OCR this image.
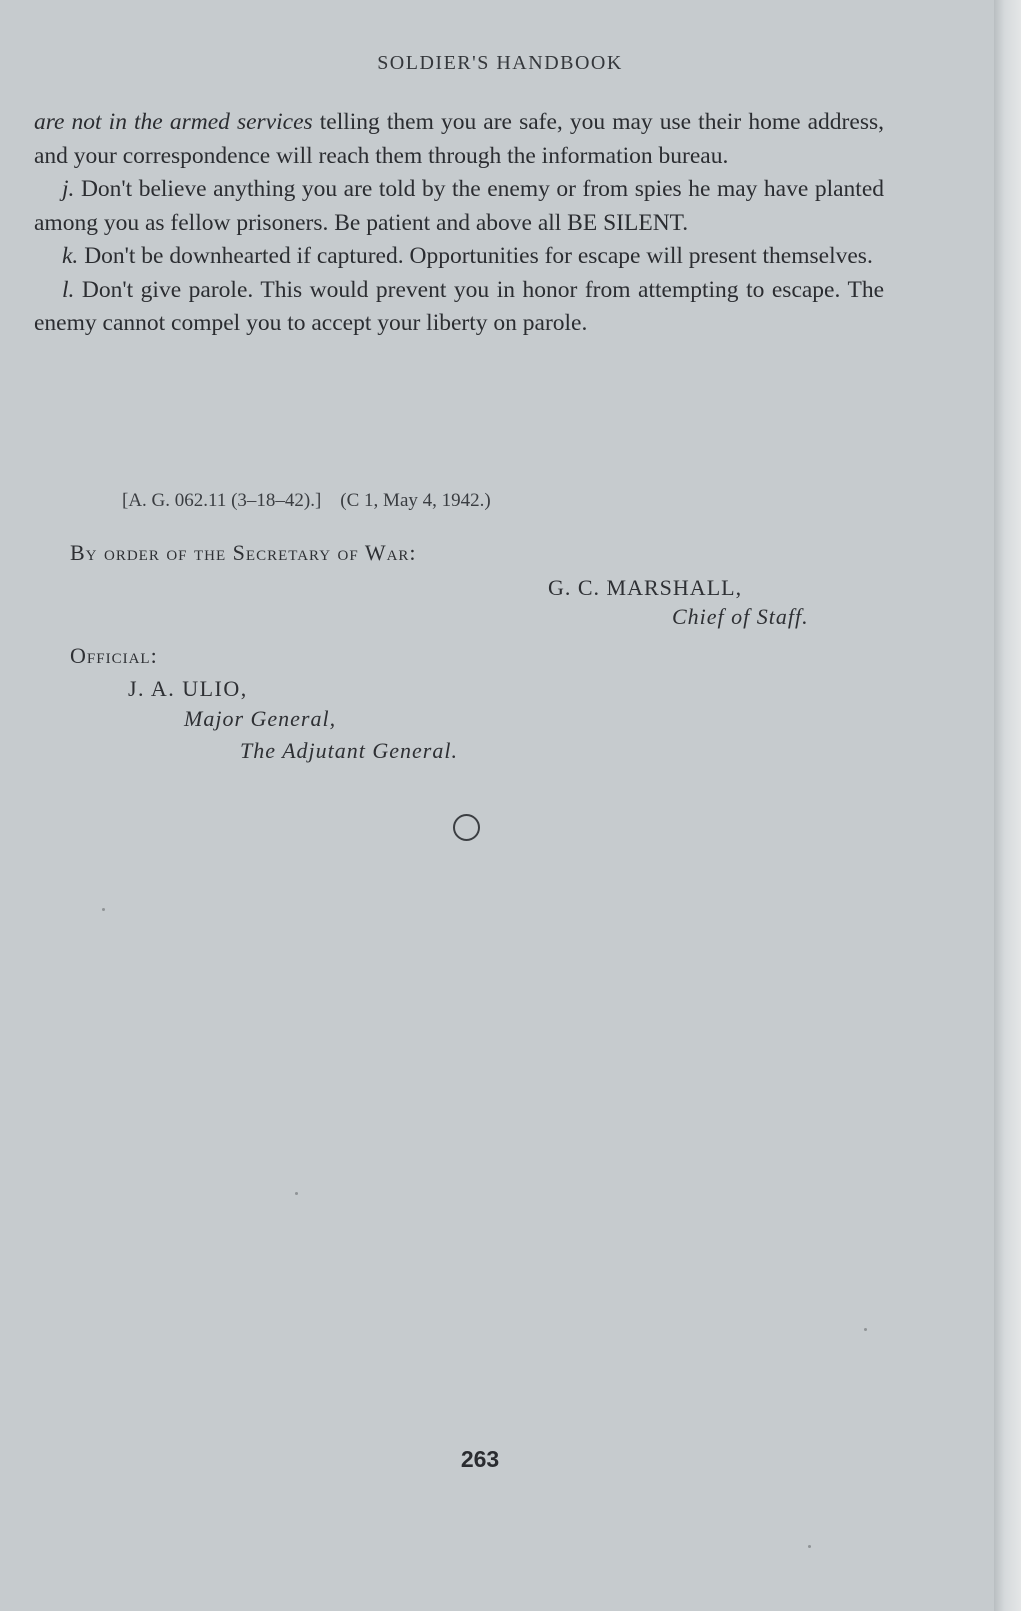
SOLDIER'S HANDBOOK

are not in the armed services telling them you are safe, you may use their home address, and your correspondence will reach them through the information bureau.

j. Don't believe anything you are told by the enemy or from spies he may have planted among you as fellow prisoners. Be patient and above all BE SILENT.

k. Don't be downhearted if captured. Opportunities for escape will present themselves.

l. Don't give parole. This would prevent you in honor from attempting to escape. The enemy cannot compel you to accept your liberty on parole.

[A. G. 062.11 (3–18–42).] (C 1, May 4, 1942.)
By order of the Secretary of War:
G. C. MARSHALL,
Chief of Staff.
Official:
J. A. ULIO,
Major General,
The Adjutant General.
263
